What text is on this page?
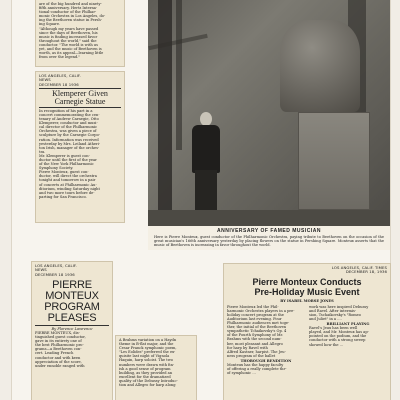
are of the big hundred and ninety-
fifth anniversary. Hertz Interna-
tional-conductor of the Philhar-
monic Orchestra in Los Angeles, do-
ing the Beethoven statue in Persh-
ing Square.
"Although my years have passed
since the days of Beethoven, his
music is finding increased favor
throughout the world," said the
conductor. "The world is with us
yet, and the music of Beethoven is
worth, as its appeal—learning little
from over the legend."
LOS ANGELES, CALIF.
NEWS
DECEMBER 18 1936
Klemperer Given
Carnegie Statue
In recognition of his part in a
concert commemorating the cen-
tenary of Andrew Carnegie, Otto
Klemperer, conductor and musi-
cal director of the Philharmonic
Orchestra, was given a piece of
sculpture by the Carnegie Corpo-
ration. Information was received
yesterday by Mrs. Leiland Atheri-
ton Irish, manager of the orches-
tra.
Mr. Klemperer is guest con-
ductor until the first of the year
of the New York Philharmonic
Symphony Society.
Pierre Monteux, guest con-
ductor, will direct the orchestra
tonight and tomorrow in a pair
of concerts at Philharmonic Au-
ditorium, winding Saturday night
and two more tours before de-
parting for San Francisco.
ANNIVERSARY OF FAMED MUSICIAN
Here is Pierre Monteux, guest conductor of the Philharmonic Orchestra, paying tribute to Beethoven on the occasion of the great musician's 166th anniversary yesterday by placing flowers on the statue in Pershing Square. Monteux asserts that the music of Beethoven is increasing in favor throughout the world.
LOS ANGELES, CALIF.
NEWS
DECEMBER 18 1936
PIERRE MONTEUX
PROGRAM PLEASES
By Florence Lawrence
PIERRE MONTEUX, dis-
tinguished guest conductor,
gave in its entirety one of
the best Philharmonic pro-
grams—a Beethoven con-
cert. Leading French
conductor and with keen
appreciation of the score,
under ennoble ranged with
A Brahms variation on a Haydn
theme in B-flat major, and the
Cesar Franck symphonic poem,
"Les Eolides" preferred the ex-
quisite last night of Vignola
Haquin, harp soloist. The two
numbers were drawn with fin-
ish a good sense of program
building, as they provided an
excellent for the dramatized
quality of the Debussy Introduc-
tion and Allegro for harp along
LOS ANGELES, CALIF. TIMES
DECEMBER 18, 1936
Pierre Monteux Conducts
Pre-Holiday Music Event
BY ISABEL MORSE JONES
Pierre Monteux led the Phil-
harmonic Orchestra players in a pre-
holiday concert program at the
Auditorium last evening. Four
Philharmonic audiences met toge-
ther, the initial of the Beethoven
sympathetic Tchaikovsky's Op. 4
of the Fourth Symphony of Mr.
Brahms with the second num-
ber, most pleasant and Allegro
for harp by Ravel with
Alfred Kastner, harpist. The Jeu-
ness program of the ballet
THOROUGH RENDITION
Monteux has the happy faculty
of offering a really complete thr-
of symphonic ...
work was here inspired Debussy
and Ravel. After intermis-
sion, Tschaikovsky's "Romeo
and Juliet" in a ....
BRILLIANT PLAYING
Ravel's Jeux has been well
played, and Mr. Monteux has ap-
pointed on the podium, and the
conductor with a strong sweep
showed how the ...
